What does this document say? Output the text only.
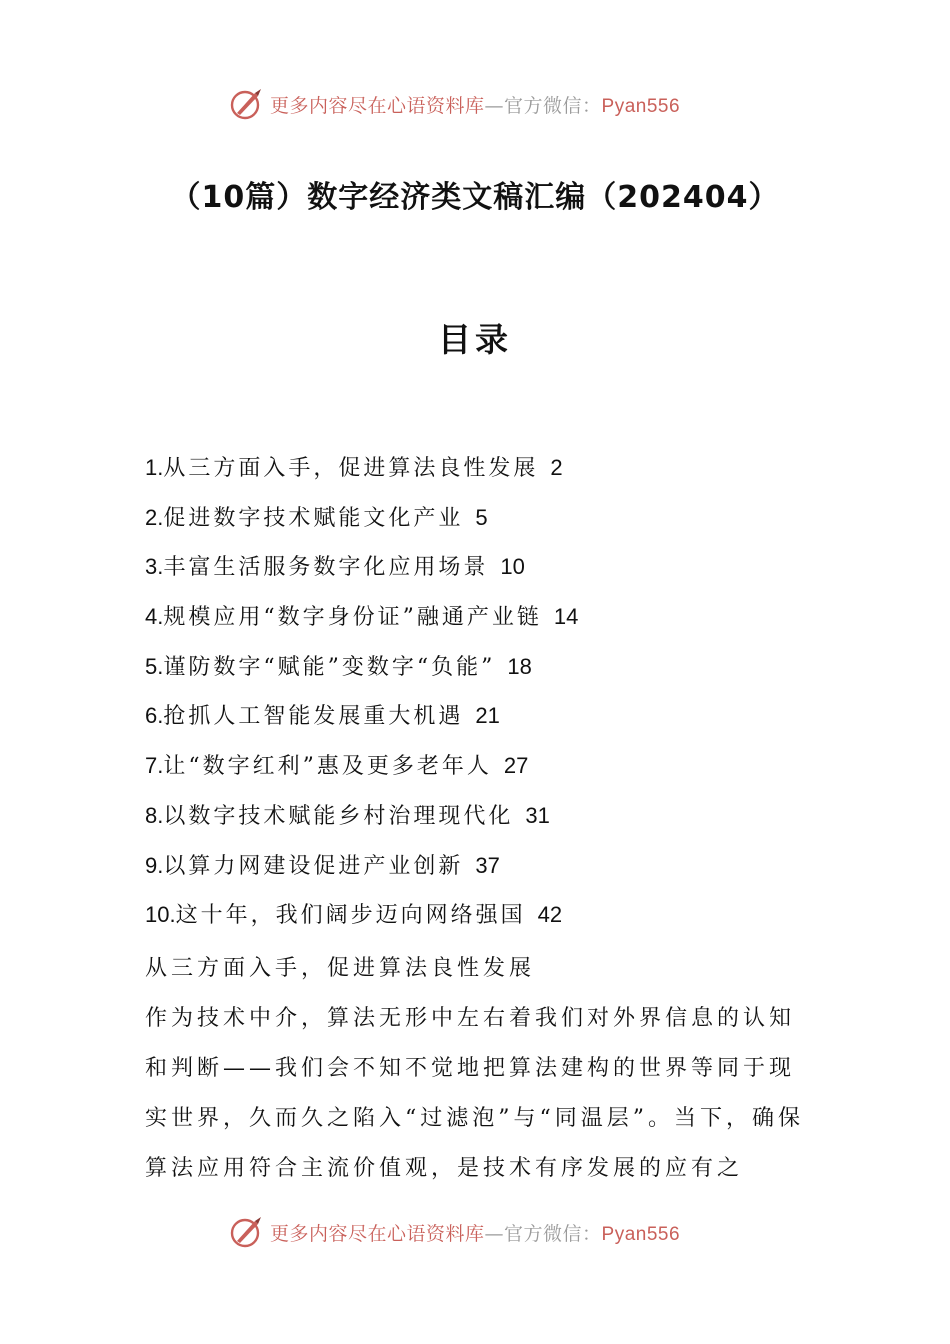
更多内容尽在心语资料库—官方微信：Pyan556
（10篇）数字经济类文稿汇编（202404）
目录
1.从三方面入手，促进算法良性发展 2
2.促进数字技术赋能文化产业 5
3.丰富生活服务数字化应用场景 10
4.规模应用“数字身份证”融通产业链 14
5.谨防数字“赋能”变数字“负能” 18
6.抢抓人工智能发展重大机遇 21
7.让“数字红利”惠及更多老年人 27
8.以数字技术赋能乡村治理现代化 31
9.以算力网建设促进产业创新 37
10.这十年，我们阔步迈向网络强国 42

从三方面入手，促进算法良性发展

作为技术中介，算法无形中左右着我们对外界信息的认知和判断——我们会不知不觉地把算法建构的世界等同于现实世界，久而久之陷入“过滤泡”与“同温层”。当下，确保算法应用符合主流价值观，是技术有序发展的应有之

更多内容尽在心语资料库—官方微信：Pyan556
